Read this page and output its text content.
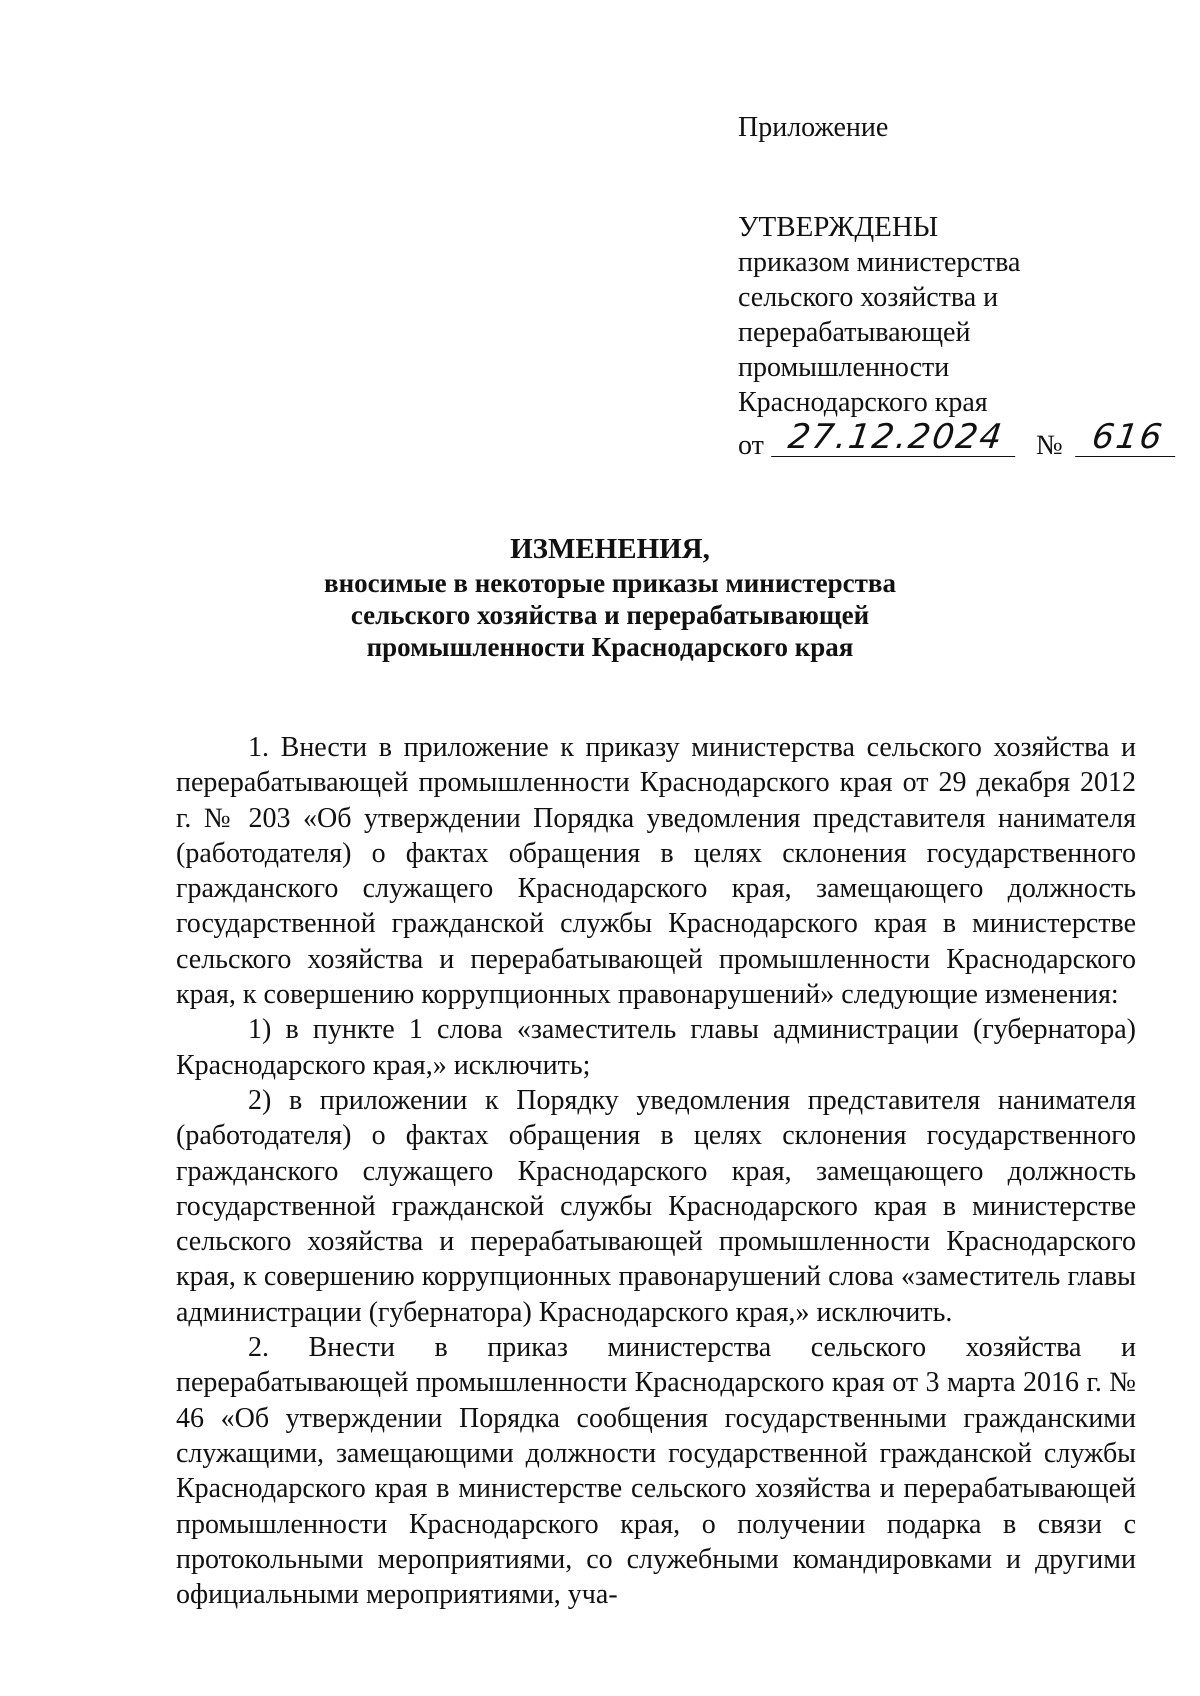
Приложение
УТВЕРЖДЕНЫ
приказом министерства
сельского хозяйства и
перерабатывающей
промышленности
Краснодарского края
от 27.12.2024	№ 616
ИЗМЕНЕНИЯ,
вносимые в некоторые приказы министерства
сельского хозяйства и перерабатывающей
промышленности Краснодарского края

1. Внести в приложение к приказу министерства сельского хозяйства и перерабатывающей промышленности Краснодарского края от 29 декабря 2012 г. № 203 «Об утверждении Порядка уведомления представителя нанимателя (работодателя) о фактах обращения в целях склонения государственного гражданского служащего Краснодарского края, замещающего должность государственной гражданской службы Краснодарского края в министерстве сельского хозяйства и перерабатывающей промышленности Краснодарского края, к совершению коррупционных правонарушений» следующие изменения:

1) в пункте 1 слова «заместитель главы администрации (губернатора) Краснодарского края,» исключить;

2) в приложении к Порядку уведомления представителя нанимателя (работодателя) о фактах обращения в целях склонения государственного гражданского служащего Краснодарского края, замещающего должность государственной гражданской службы Краснодарского края в министерстве сельского хозяйства и перерабатывающей промышленности Краснодарского края, к совершению коррупционных правонарушений слова «заместитель главы администрации (губернатора) Краснодарского края,» исключить.

2. Внести в приказ министерства сельского хозяйства и перерабатывающей промышленности Краснодарского края от 3 марта 2016 г. № 46 «Об утверждении Порядка сообщения государственными гражданскими служащими, замещающими должности государственной гражданской службы Краснодарского края в министерстве сельского хозяйства и перерабатывающей промышленности Краснодарского края, о получении подарка в связи с протокольными мероприятиями, со служебными командировками и другими официальными мероприятиями, уча-
